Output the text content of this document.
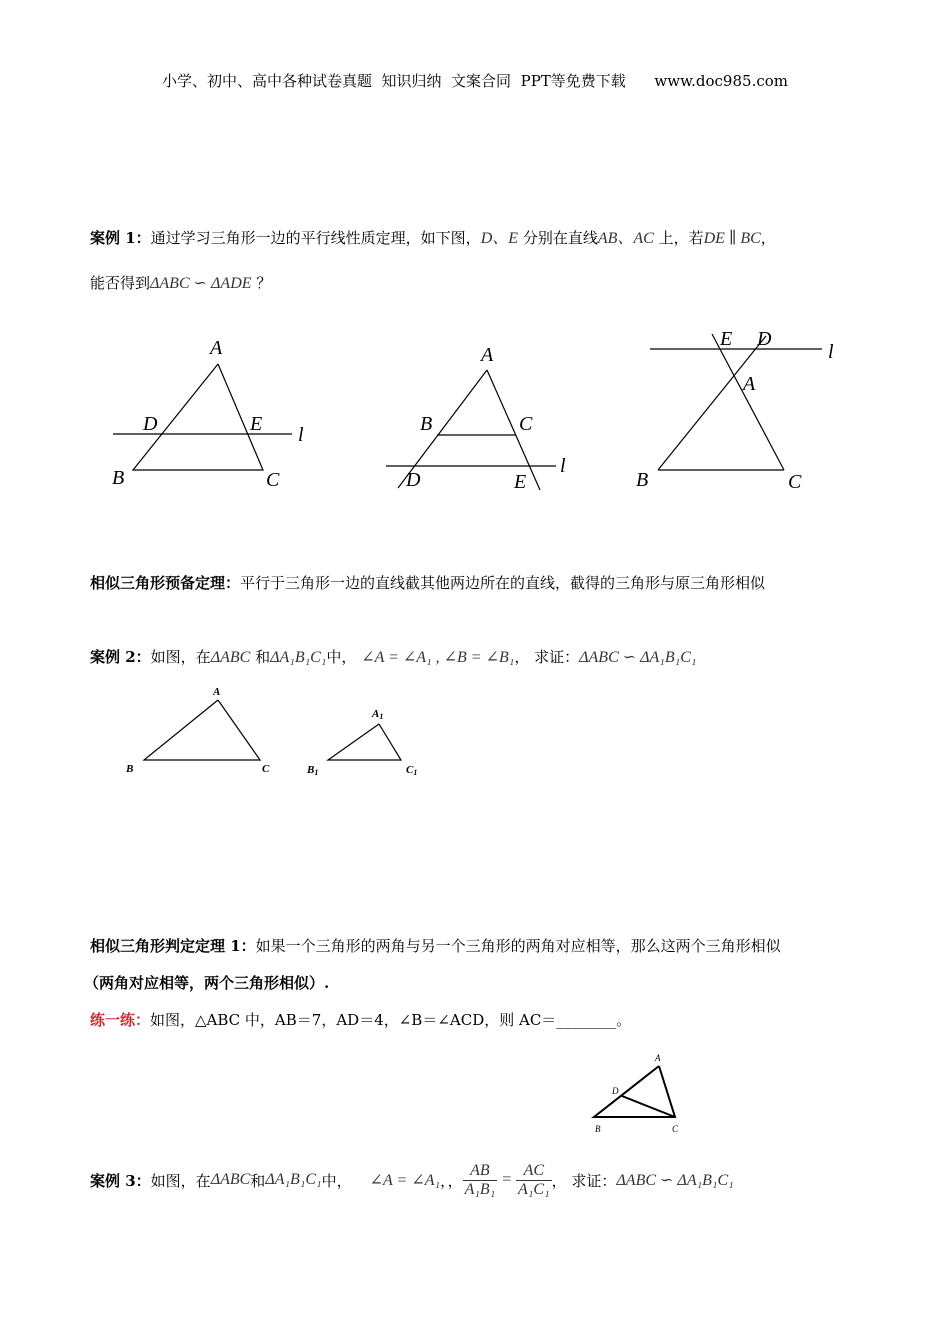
小学、初中、高中各种试卷真题  知识归纳  文案合同  PPT等免费下载      www.doc985.com
案例 1：通过学习三角形一边的平行线性质定理，如下图，D、E 分别在直线AB、AC 上，若DE ∥ BC，
能否得到ΔABC ∽ ΔADE ？
A
D	E l
B	C
A
B	C
l
D	E
E D
l
A
B	C
相似三角形预备定理：平行于三角形一边的直线截其他两边所在的直线，截得的三角形与原三角形相似
案例 2：如图，在ΔABC 和ΔA₁B₁C₁中， ∠A = ∠A₁ , ∠B = ∠B₁， 求证：ΔABC ∽ ΔA₁B₁C₁
A
B	C
A1
B1	C1
相似三角形判定定理 1：如果一个三角形的两角与另一个三角形的两角对应相等，那么这两个三角形相似
（两角对应相等，两个三角形相似）.
练一练：如图，△ABC 中，AB＝7，AD＝4，∠B＝∠ACD，则 AC＝________。
A
D
B	C
案例 3： 如图，在 ΔABC 和 ΔA₁B₁C₁ 中， ∠A = ∠A₁ ，， $\frac{AB}{\text{A₁B₁}} = \frac{AC}{\text{A₁C₁}}$ ， 求证： ΔABC ∽ ΔA₁B₁C₁
